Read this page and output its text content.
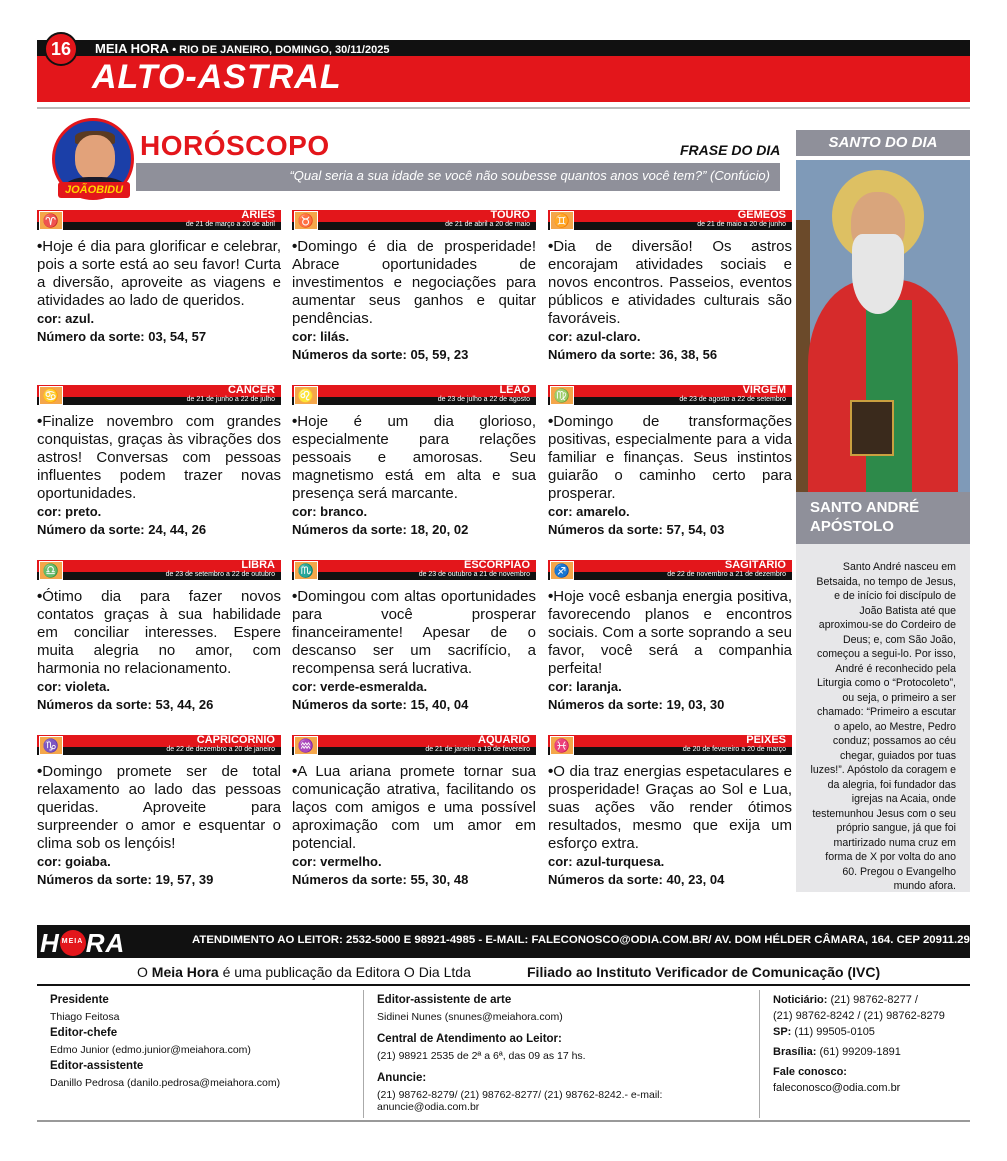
16	MEIA HORA • RIO DE JANEIRO, DOMINGO, 30/11/2025
ALTO-ASTRAL
JOÃOBIDU
HORÓSCOPO	FRASE DO DIA
“Qual seria a sua idade se você não soubesse quantos anos você tem?” (Confúcio)
♈	ÁRIES
de 21 de março a 20 de abril
•Hoje é dia para glorificar e celebrar, pois a sorte está ao seu favor! Curta a diversão, aproveite as viagens e atividades ao lado de queridos.
cor: azul.
Número da sorte: 03, 54, 57
♉	TOURO
de 21 de abril a 20 de maio
•Domingo é dia de prosperidade! Abrace oportunidades de investimentos e negociações para aumentar seus ganhos e quitar pendências.
cor: lilás.
Números da sorte: 05, 59, 23
♊	GÊMEOS
de 21 de maio a 20 de junho
•Dia de diversão! Os astros encorajam atividades sociais e novos encontros. Passeios, eventos públicos e atividades culturais são favoráveis.
cor: azul-claro.
Número da sorte: 36, 38, 56
♋	CÂNCER
de 21 de junho a 22 de julho
•Finalize novembro com grandes conquistas, graças às vibrações dos astros! Conversas com pessoas influentes podem trazer novas oportunidades.
cor: preto.
Número da sorte: 24, 44, 26
♌	LEÃO
de 23 de julho a 22 de agosto
•Hoje é um dia glorioso, especialmente para relações pessoais e amorosas. Seu magnetismo está em alta e sua presença será marcante.
cor: branco.
Números da sorte: 18, 20, 02
♍	VIRGEM
de 23 de agosto a 22 de setembro
•Domingo de transformações positivas, especialmente para a vida familiar e finanças. Seus instintos guiarão o caminho certo para prosperar.
cor: amarelo.
Números da sorte: 57, 54, 03
♎	LIBRA
de 23 de setembro a 22 de outubro
•Ótimo dia para fazer novos contatos graças à sua habilidade em conciliar interesses. Espere muita alegria no amor, com harmonia no relacionamento.
cor: violeta.
Números da sorte: 53, 44, 26
♏	ESCORPIÃO
de 23 de outubro a 21 de novembro
•Domingou com altas oportunidades para você prosperar financeiramente! Apesar de o descanso ser um sacrifício, a recompensa será lucrativa.
cor: verde-esmeralda.
Números da sorte: 15, 40, 04
♐	SAGITÁRIO
de 22 de novembro a 21 de dezembro
•Hoje você esbanja energia positiva, favorecendo planos e encontros sociais. Com a sorte soprando a seu favor, você será a companhia perfeita!
cor: laranja.
Números da sorte: 19, 03, 30
♑	CAPRICÓRNIO
de 22 de dezembro a 20 de janeiro
•Domingo promete ser de total relaxamento ao lado das pessoas queridas. Aproveite para surpreender o amor e esquentar o clima sob os lençóis!
cor: goiaba.
Números da sorte: 19, 57, 39
♒	AQUÁRIO
de 21 de janeiro a 19 de fevereiro
•A Lua ariana promete tornar sua comunicação atrativa, facilitando os laços com amigos e uma possível aproximação com um amor em potencial.
cor: vermelho.
Números da sorte: 55, 30, 48
♓	PEIXES
de 20 de fevereiro a 20 de março
•O dia traz energias espetaculares e prosperidade! Graças ao Sol e Lua, suas ações vão render ótimos resultados, mesmo que exija um esforço extra.
cor: azul-turquesa.
Números da sorte: 40, 23, 04
SANTO DO DIA
SANTO ANDRÉ APÓSTOLO
Santo André nasceu em Betsaida, no tempo de Jesus, e de início foi discípulo de João Batista até que aproximou-se do Cordeiro de Deus; e, com São João, começou a segui-lo. Por isso, André é reconhecido pela Liturgia como o “Protocoleto”, ou seja, o primeiro a ser chamado: “Primeiro a escutar o apelo, ao Mestre, Pedro conduz; possamos ao céu chegar, guiados por tuas luzes!”. Apóstolo da coragem e da alegria, foi fundador das igrejas na Acaia, onde testemunhou Jesus com o seu próprio sangue, já que foi martirizado numa cruz em forma de X por volta do ano 60. Pregou o Evangelho mundo afora.
H MEIA RA	ATENDIMENTO AO LEITOR: 2532-5000 E 98921-4985 - E-MAIL: FALECONOSCO@ODIA.COM.BR/ AV. DOM HÉLDER CÂMARA, 164. CEP 20911.292, RJ
O Meia Hora é uma publicação da Editora O Dia Ltda	Filiado ao Instituto Verificador de Comunicação (IVC)
Presidente
Thiago Feitosa
Editor-chefe
Edmo Junior (edmo.junior@meiahora.com)
Editor-assistente
Danillo Pedrosa (danilo.pedrosa@meiahora.com)
Editor-assistente de arte
Sidinei Nunes (snunes@meiahora.com)
Central de Atendimento ao Leitor:
(21) 98921 2535 de 2ª a 6ª, das 09 as 17 hs.
Anuncie:
(21) 98762-8279/ (21) 98762-8277/ (21) 98762-8242.- e-mail: anuncie@odia.com.br
Noticiário: (21) 98762-8277 /
(21) 98762-8242 / (21) 98762-8279
SP: (11) 99505-0105
Brasília: (61) 99209-1891
Fale conosco:
faleconosco@odia.com.br
